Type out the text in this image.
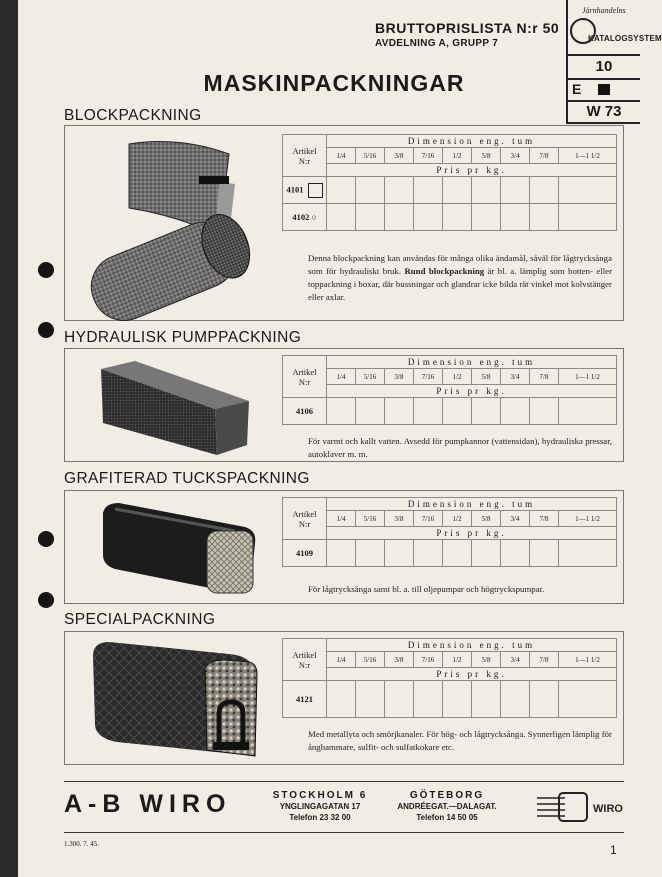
BRUTTOPRISLISTA N:r 50
AVDELNING A, GRUPP 7
Järnhandelns
KATALOGSYSTEM
10
E
W 73
MASKINPACKNINGAR
BLOCKPACKNING
Artikel
N:r	Dimension eng. tum								
	1/4	5/16	3/8	7/16	1/2	5/8	3/4	7/8	1—1 1/2
	Pris pr kg.								
4101									
4102 ○									
Denna blockpackning kan användas för många olika ändamål, såväl för lågtrycksånga som för hydrauliskt bruk. Rund blockpackning är bl. a. lämplig som botten- eller toppackning i boxar, där bussningar och glandrar icke bilda rät vinkel mot kolvstänger eller axlar.
HYDRAULISK PUMPPACKNING
Artikel
N:r	Dimension eng. tum								
	1/4	5/16	3/8	7/16	1/2	5/8	3/4	7/8	1—1 1/2
	Pris pr kg.								
4106									
För varmt och kallt vatten. Avsedd för pumpkannor (vattensidan), hydrauliska pressar, autoklaver m. m.
GRAFITERAD TUCKSPACKNING
Artikel
N:r	Dimension eng. tum								
	1/4	5/16	3/8	7/16	1/2	5/8	3/4	7/8	1—1 1/2
	Pris pr kg.								
4109									
För lågtrycksånga samt bl. a. till oljepumpar och högtryckspumpar.
SPECIALPACKNING
Artikel
N:r	Dimension eng. tum								
	1/4	5/16	3/8	7/16	1/2	5/8	3/4	7/8	1—1 1/2
	Pris pr kg.								
4121									
Med metallyta och smörjkanaler. För hög- och lågtrycksånga. Synnerligen lämplig för ånghammare, sulfit- och sulfatkokare etc.
A-B WIRO	STOCKHOLM 6
YNGLINGAGATAN 17
Telefon 23 32 00
GÖTEBORG
ANDRÉEGAT.—DALAGAT.
Telefon 14 50 05
WIRO
1.300. 7. 45.	1
